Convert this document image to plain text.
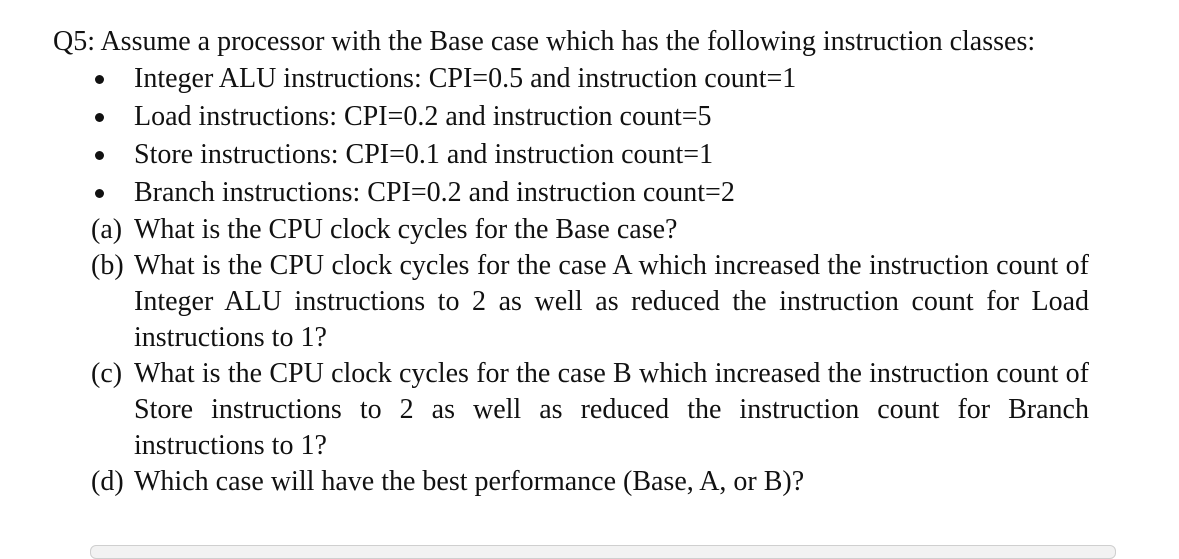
Q5: Assume a processor with the Base case which has the following instruction classes:

Integer ALU instructions: CPI=0.5 and instruction count=1
Load instructions: CPI=0.2 and instruction count=5
Store instructions: CPI=0.1 and instruction count=1
Branch instructions: CPI=0.2 and instruction count=2
(a) What is the CPU clock cycles for the Base case?
(b) What is the CPU clock cycles for the case A which increased the instruction count of Integer ALU instructions to 2 as well as reduced the instruction count for Load instructions to 1?
(c) What is the CPU clock cycles for the case B which increased the instruction count of Store instructions to 2 as well as reduced the instruction count for Branch instructions to 1?
(d) Which case will have the best performance (Base, A, or B)?
